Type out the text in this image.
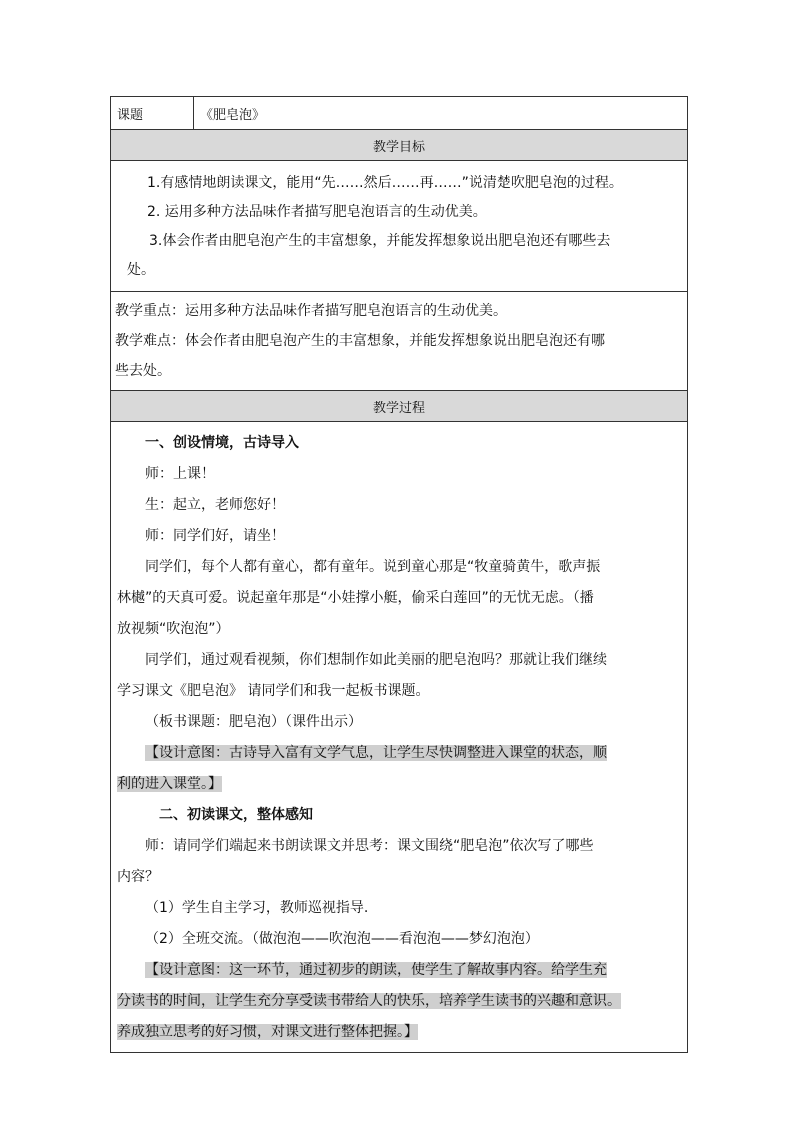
课题	《肥皂泡》
教学目标

1.有感情地朗读课文，能用“先……然后……再……”说清楚吹肥皂泡的过程。

2. 运用多种方法品味作者描写肥皂泡语言的生动优美。

3.体会作者由肥皂泡产生的丰富想象，并能发挥想象说出肥皂泡还有哪些去

处。

教学重点：运用多种方法品味作者描写肥皂泡语言的生动优美。

教学难点：体会作者由肥皂泡产生的丰富想象，并能发挥想象说出肥皂泡还有哪

些去处。

教学过程

一、创设情境，古诗导入

师：上课！

生：起立，老师您好！

师：同学们好，请坐！

同学们，每个人都有童心，都有童年。说到童心那是“牧童骑黄牛，歌声振

林樾”的天真可爱。说起童年那是“小娃撑小艇，偷采白莲回”的无忧无虑。（播

放视频“吹泡泡”）

同学们，通过观看视频，你们想制作如此美丽的肥皂泡吗？那就让我们继续

学习课文《肥皂泡》 请同学们和我一起板书课题。

（板书课题：肥皂泡）（课件出示）

【设计意图：古诗导入富有文学气息，让学生尽快调整进入课堂的状态，顺

利的进入课堂。】

二、初读课文，整体感知

师：请同学们端起来书朗读课文并思考：课文围绕“肥皂泡”依次写了哪些

内容？

（1）学生自主学习，教师巡视指导.

（2）全班交流。（做泡泡——吹泡泡——看泡泡——梦幻泡泡）

【设计意图：这一环节，通过初步的朗读，使学生了解故事内容。给学生充

分读书的时间，让学生充分享受读书带给人的快乐，培养学生读书的兴趣和意识。

养成独立思考的好习惯，对课文进行整体把握。】
